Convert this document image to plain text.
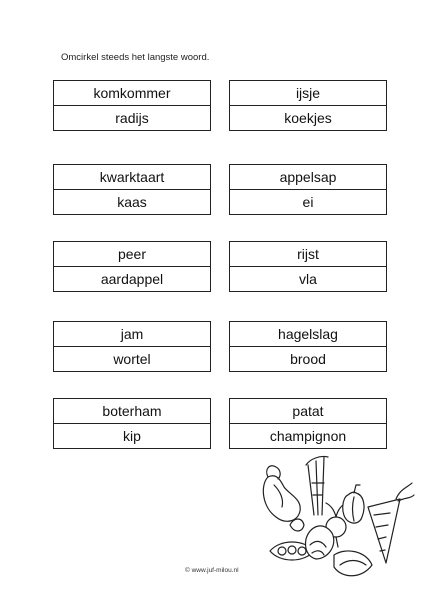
Omcirkel steeds het langste woord.
komkommer
radijs
ijsje
koekjes
kwarktaart
kaas
appelsap
ei
peer
aardappel
rijst
vla
jam
wortel
hagelslag
brood
boterham
kip
patat
champignon
© www.juf-milou.nl
